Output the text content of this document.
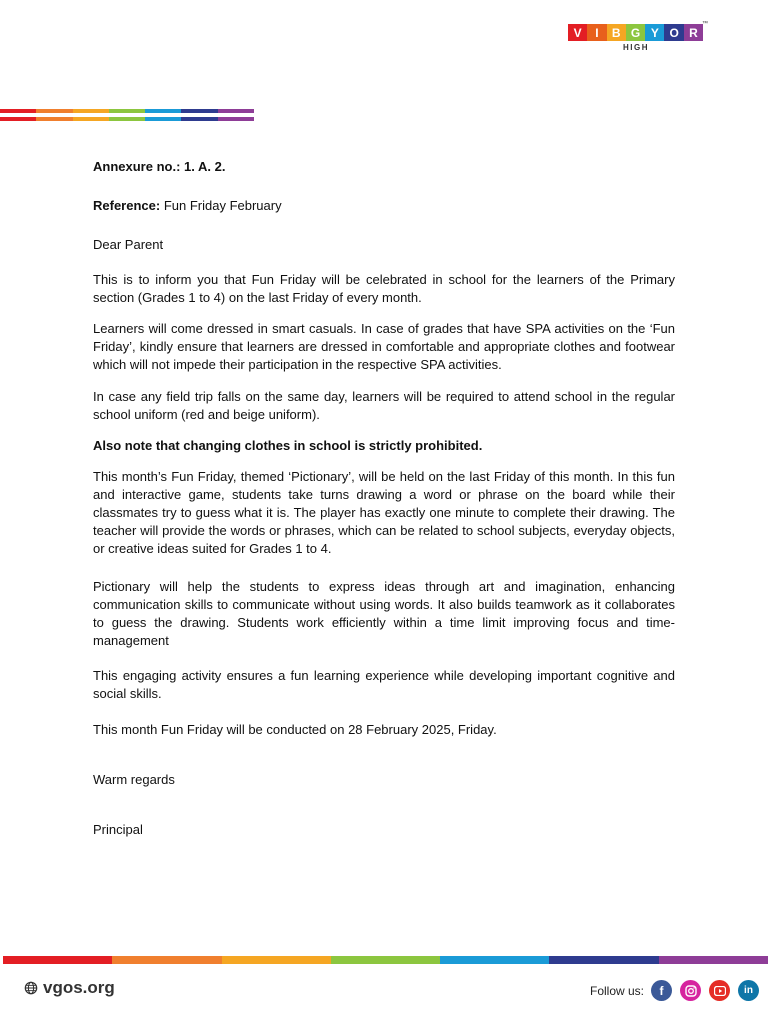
V	I	B G Y O R
™
HIGH

Annexure no.: 1. A. 2.

Reference: Fun Friday February

Dear Parent

This is to inform you that Fun Friday will be celebrated in school for the learners of the Primary section (Grades 1 to 4) on the last Friday of every month.

Learners will come dressed in smart casuals. In case of grades that have SPA activities on the ‘Fun Friday’, kindly ensure that learners are dressed in comfortable and appropriate clothes and footwear which will not impede their participation in the respective SPA activities.

In case any field trip falls on the same day, learners will be required to attend school in the regular school uniform (red and beige uniform).

Also note that changing clothes in school is strictly prohibited.

This month’s Fun Friday, themed ‘Pictionary’, will be held on the last Friday of this month. In this fun and interactive game, students take turns drawing a word or phrase on the board while their classmates try to guess what it is. The player has exactly one minute to complete their drawing. The teacher will provide the words or phrases, which can be related to school subjects, everyday objects, or creative ideas suited for Grades 1 to 4.

Pictionary will help the students to express ideas through art and imagination, enhancing communication skills to communicate without using words. It also builds teamwork as it collaborates to guess the drawing. Students work efficiently within a time limit improving focus and time-management

This engaging activity ensures a fun learning experience while developing important cognitive and social skills.

This month Fun Friday will be conducted on 28 February 2025, Friday.

Warm regards

Principal

vgos.org	Follow us:	f	in
